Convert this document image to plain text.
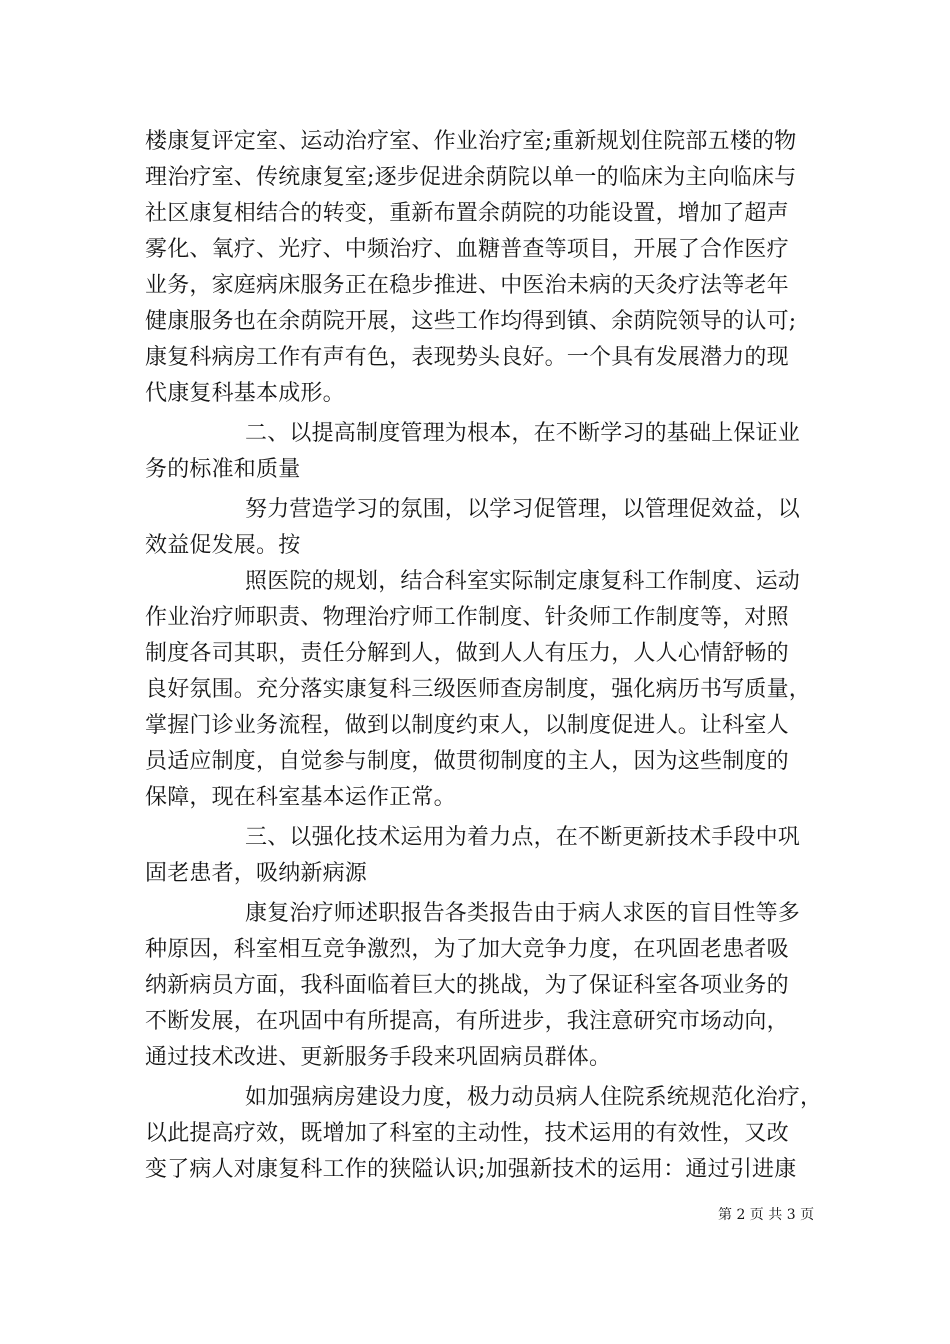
楼康复评定室、运动治疗室、作业治疗室;重新规划住院部五楼的物
理治疗室、传统康复室;逐步促进余荫院以单一的临床为主向临床与
社区康复相结合的转变，重新布置余荫院的功能设置，增加了超声
雾化、氧疗、光疗、中频治疗、血糖普查等项目，开展了合作医疗
业务，家庭病床服务正在稳步推进、中医治未病的天灸疗法等老年
健康服务也在余荫院开展，这些工作均得到镇、余荫院领导的认可;
康复科病房工作有声有色，表现势头良好。一个具有发展潜力的现
代康复科基本成形。
二、以提高制度管理为根本，在不断学习的基础上保证业
务的标准和质量
努力营造学习的氛围，以学习促管理，以管理促效益，以
效益促发展。按
照医院的规划，结合科室实际制定康复科工作制度、运动
作业治疗师职责、物理治疗师工作制度、针灸师工作制度等，对照
制度各司其职，责任分解到人，做到人人有压力，人人心情舒畅的
良好氛围。充分落实康复科三级医师查房制度，强化病历书写质量，
掌握门诊业务流程，做到以制度约束人，以制度促进人。让科室人
员适应制度，自觉参与制度，做贯彻制度的主人，因为这些制度的
保障，现在科室基本运作正常。
三、以强化技术运用为着力点，在不断更新技术手段中巩
固老患者，吸纳新病源
康复治疗师述职报告各类报告由于病人求医的盲目性等多
种原因，科室相互竞争激烈，为了加大竞争力度，在巩固老患者吸
纳新病员方面，我科面临着巨大的挑战，为了保证科室各项业务的
不断发展，在巩固中有所提高，有所进步，我注意研究市场动向，
通过技术改进、更新服务手段来巩固病员群体。
如加强病房建设力度，极力动员病人住院系统规范化治疗，
以此提高疗效，既增加了科室的主动性，技术运用的有效性，又改
变了病人对康复科工作的狭隘认识;加强新技术的运用：通过引进康
第 2 页 共 3 页
